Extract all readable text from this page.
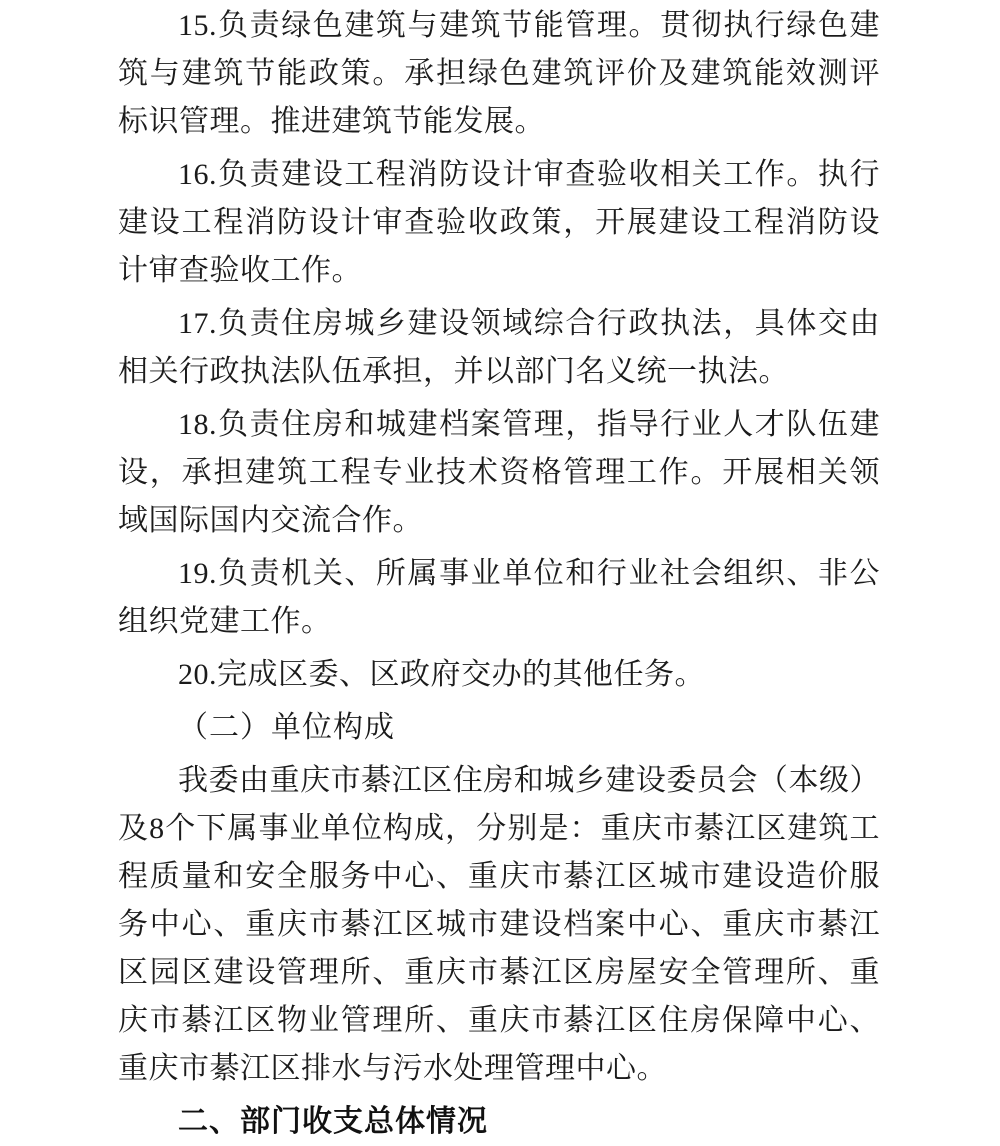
15.负责绿色建筑与建筑节能管理。贯彻执行绿色建筑与建筑节能政策。承担绿色建筑评价及建筑能效测评标识管理。推进建筑节能发展。

16.负责建设工程消防设计审查验收相关工作。执行建设工程消防设计审查验收政策，开展建设工程消防设计审查验收工作。

17.负责住房城乡建设领域综合行政执法，具体交由相关行政执法队伍承担，并以部门名义统一执法。

18.负责住房和城建档案管理，指导行业人才队伍建设，承担建筑工程专业技术资格管理工作。开展相关领域国际国内交流合作。

19.负责机关、所属事业单位和行业社会组织、非公组织党建工作。

20.完成区委、区政府交办的其他任务。

（二）单位构成

我委由重庆市綦江区住房和城乡建设委员会（本级）及8个下属事业单位构成，分别是：重庆市綦江区建筑工程质量和安全服务中心、重庆市綦江区城市建设造价服务中心、重庆市綦江区城市建设档案中心、重庆市綦江区园区建设管理所、重庆市綦江区房屋安全管理所、重庆市綦江区物业管理所、重庆市綦江区住房保障中心、重庆市綦江区排水与污水处理管理中心。

二、部门收支总体情况
